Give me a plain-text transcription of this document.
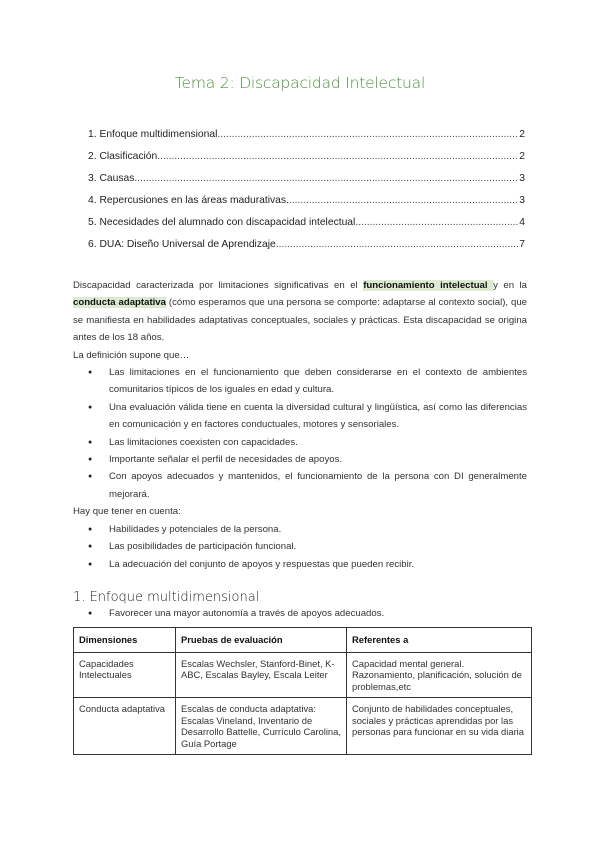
Tema 2: Discapacidad Intelectual
1. Enfoque multidimensional .....	2
2. Clasificación .....	2
3. Causas. .....	3
4. Repercusiones en las áreas madurativas. .....	3
5. Necesidades del alumnado con discapacidad intelectual .....	4
6. DUA: Diseño Universal de Aprendizaje .....	7

Discapacidad caracterizada por limitaciones significativas en el funcionamiento intelectual y en la conducta adaptativa (cómo esperamos que una persona se comporte: adaptarse al contexto social), que se manifiesta en habilidades adaptativas conceptuales, sociales y prácticas. Esta discapacidad se origina antes de los 18 años.

La definición supone que…

● Las limitaciones en el funcionamiento que deben considerarse en el contexto de ambientes comunitarios típicos de los iguales en edad y cultura.
● Una evaluación válida tiene en cuenta la diversidad cultural y lingüística, así como las diferencias en comunicación y en factores conductuales, motores y sensoriales.
● Las limitaciones coexisten con capacidades.
● Importante señalar el perfil de necesidades de apoyos.
● Con apoyos adecuados y mantenidos, el funcionamiento de la persona con DI generalmente mejorará.

Hay que tener en cuenta:

● Habilidades y potenciales de la persona.
● Las posibilidades de participación funcional.
● La adecuación del conjunto de apoyos y respuestas que pueden recibir.
1. Enfoque multidimensional
● Favorecer una mayor autonomía a través de apoyos adecuados.
Dimensiones	Pruebas de evaluación	Referentes a
Capacidades Intelectuales	Escalas Wechsler, Stanford-Binet, K-ABC, Escalas Bayley, Escala Leiter	Capacidad mental general. Razonamiento, planificación, solución de problemas,etc
Conducta adaptativa	Escalas de conducta adaptativa: Escalas Vineland, Inventario de Desarrollo Battelle, Currículo Carolina, Guía Portage	Conjunto de habilidades conceptuales, sociales y prácticas aprendidas por las personas para funcionar en su vida diaria
